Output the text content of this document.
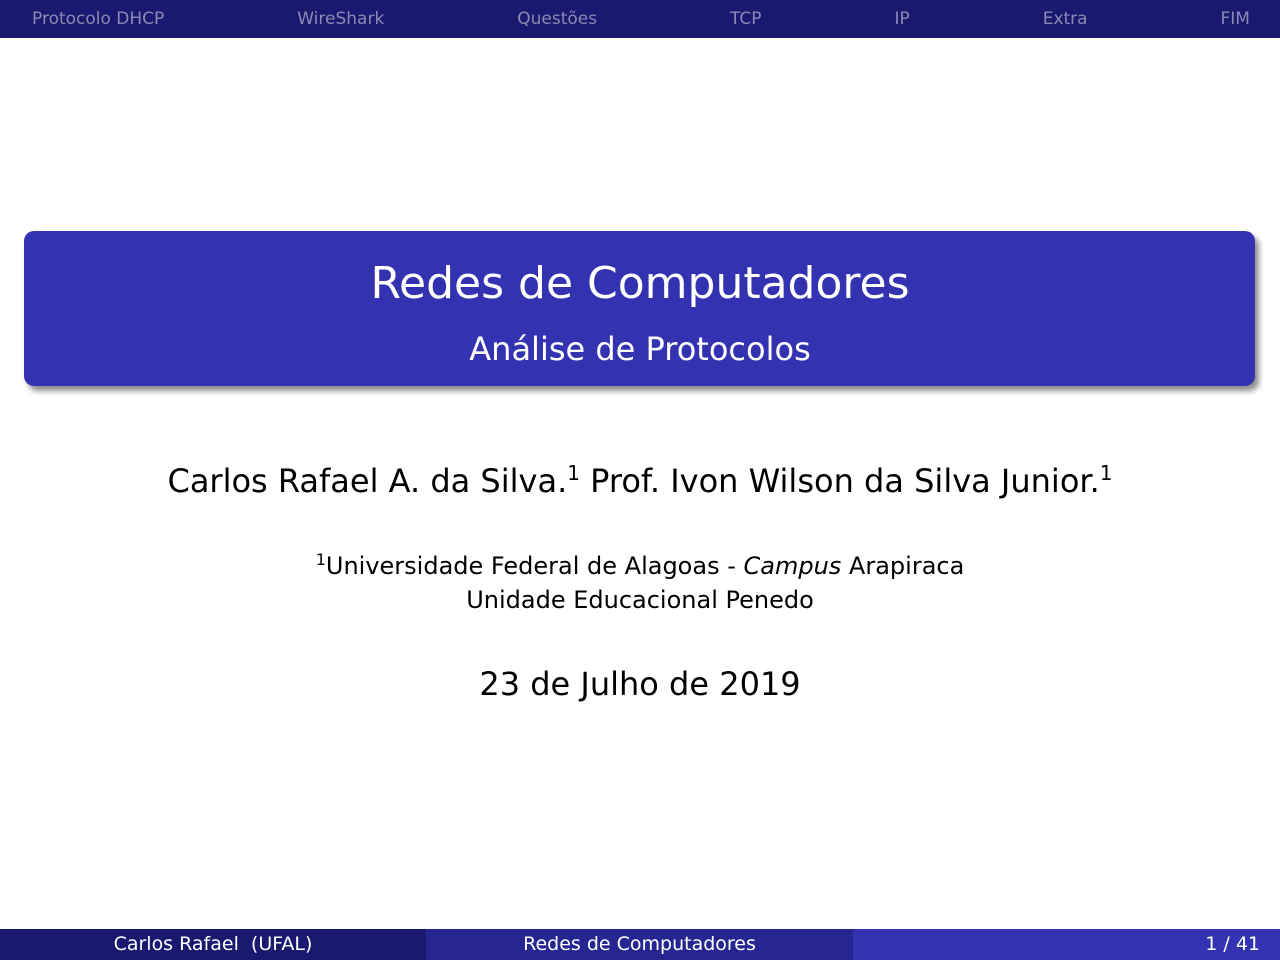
Protocolo DHCP	WireShark	Questões	TCP	IP	Extra	FIM
Redes de Computadores
Análise de Protocolos
Carlos Rafael A. da Silva.$^1$ Prof. Ivon Wilson da Silva Junior.$^1$
$^1$Universidade Federal de Alagoas - Campus Arapiraca
Unidade Educacional Penedo
23 de Julho de 2019
Carlos Rafael  (UFAL)	Redes de Computadores	1 / 41
